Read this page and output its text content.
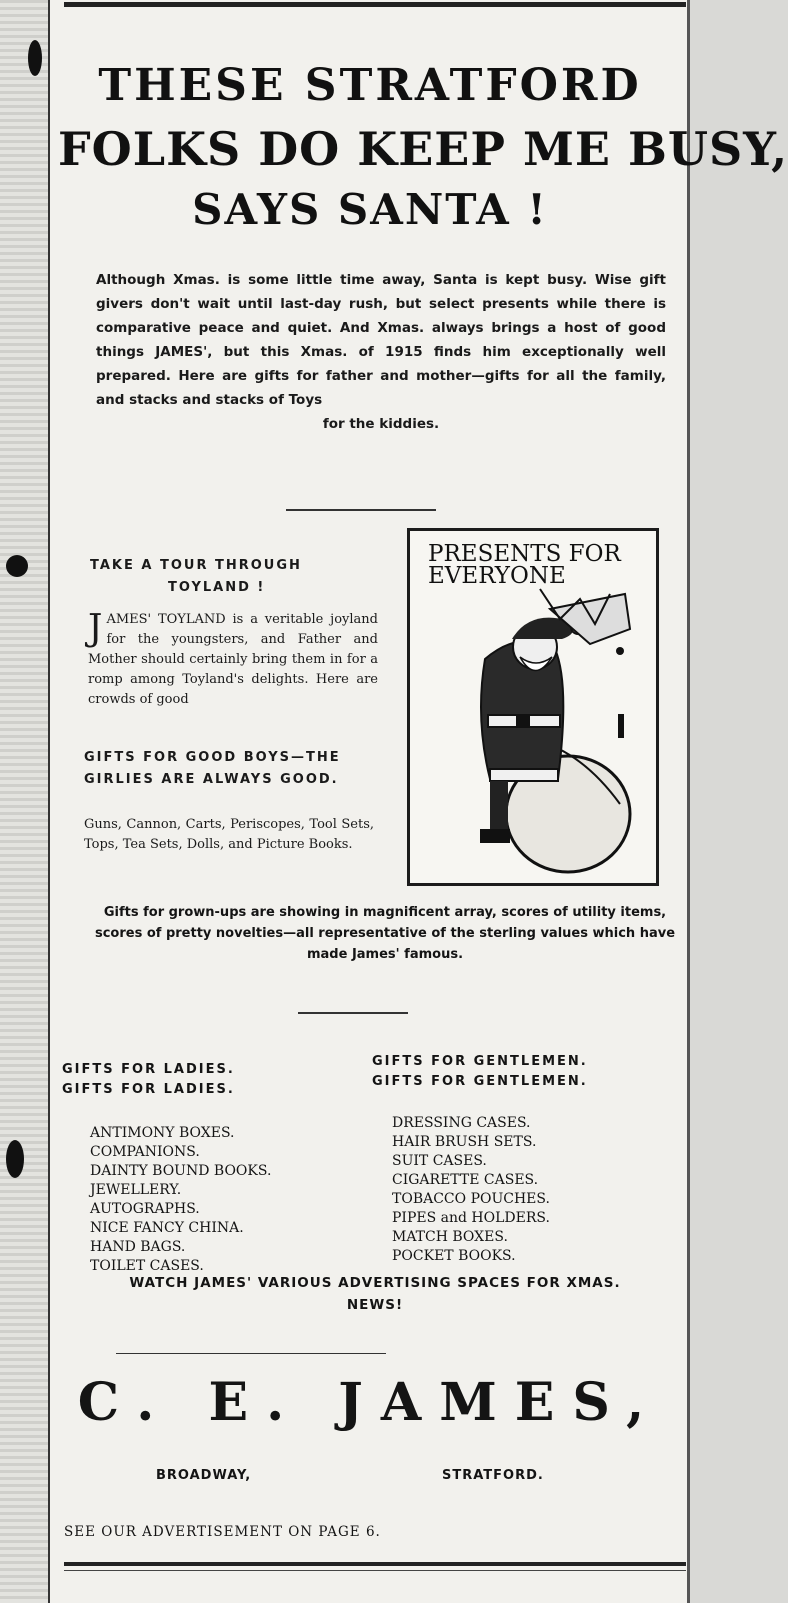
THESE STRATFORD
FOLKS DO KEEP ME BUSY,
SAYS SANTA !
Although Xmas. is some little time away, Santa is kept busy. Wise gift givers don't wait until last-day rush, but select presents while there is comparative peace and quiet. And Xmas. always brings a host of good things JAMES', but this Xmas. of 1915 finds him exceptionally well prepared. Here are gifts for father and mother—gifts for all the family, and stacks and stacks of Toys
for the kiddies.
TAKE A TOUR THROUGH
TOYLAND !
JAMES' TOYLAND is a veritable joyland for the youngsters, and Father and Mother should certainly bring them in for a romp among Toyland's delights. Here are crowds of good
GIFTS FOR GOOD BOYS—THE
GIRLIES ARE ALWAYS GOOD.
Guns, Cannon, Carts, Periscopes, Tool Sets, Tops, Tea Sets, Dolls, and Picture Books.
PRESENTS FOR
EVERYONE
Gifts for grown-ups are showing in magnificent array, scores of utility items, scores of pretty novelties—all representative of the sterling values which have made James' famous.
GIFTS FOR LADIES.
GIFTS FOR LADIES.
GIFTS FOR GENTLEMEN.
GIFTS FOR GENTLEMEN.
ANTIMONY BOXES.
COMPANIONS.
DAINTY BOUND BOOKS.
JEWELLERY.
AUTOGRAPHS.
NICE FANCY CHINA.
HAND BAGS.
TOILET CASES.
DRESSING CASES.
HAIR BRUSH SETS.
SUIT CASES.
CIGARETTE CASES.
TOBACCO POUCHES.
PIPES and HOLDERS.
MATCH BOXES.
POCKET BOOKS.
WATCH JAMES' VARIOUS ADVERTISING SPACES FOR XMAS.
NEWS!
C. E. JAMES,
BROADWAY,	STRATFORD.
SEE OUR ADVERTISEMENT ON PAGE 6.
